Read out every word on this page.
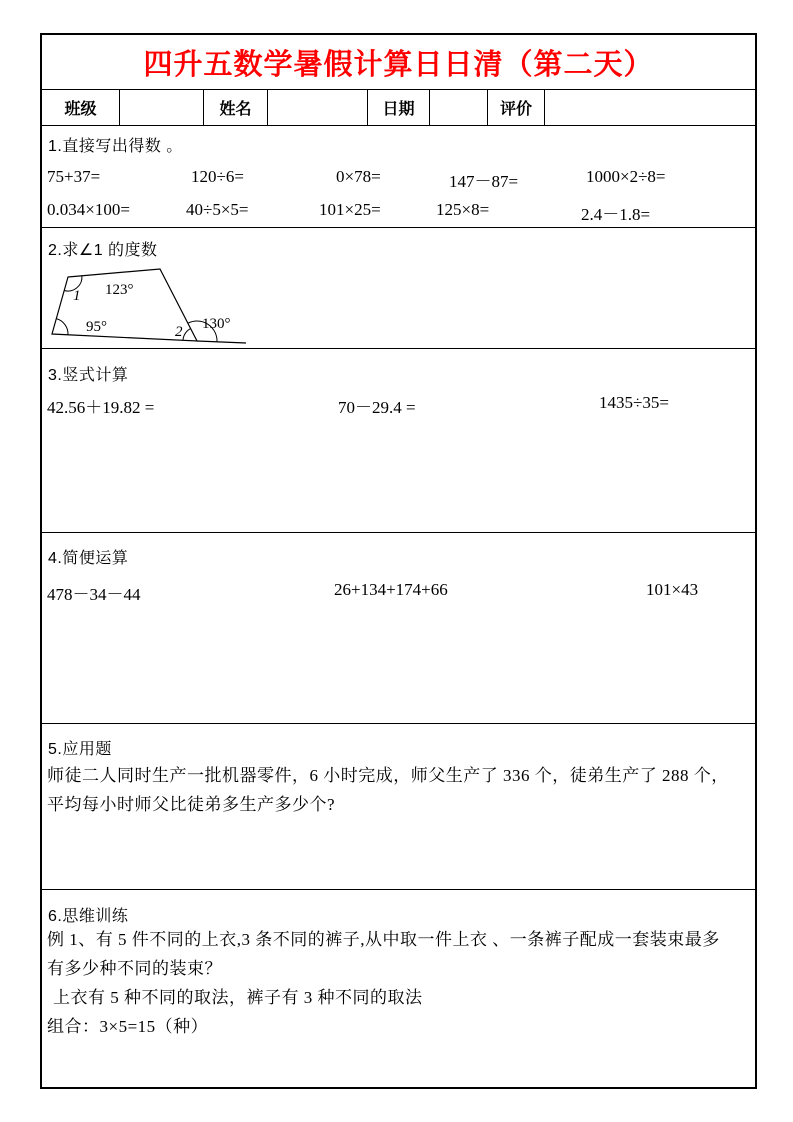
四升五数学暑假计算日日清（第二天）
班级	姓名	日期	评价
1.直接写出得数 。
75+37=	120÷6=	0×78=	147－87=	1000×2÷8=
0.034×100=	40÷5×5=	101×25=	125×8=	2.4－1.8=
2.求∠1 的度数
1 123°
95°	2 130°
3.竖式计算
42.56＋19.82 =	70－29.4 =	1435÷35=
4.简便运算
478－34－44	26+134+174+66	101×43
5.应用题
师徒二人同时生产一批机器零件，6 小时完成，师父生产了 336 个，徒弟生产了 288 个，
平均每小时师父比徒弟多生产多少个?
6.思维训练
例 1、有 5 件不同的上衣,3 条不同的裤子,从中取一件上衣 、一条裤子配成一套装束最多
有多少种不同的装束？
上衣有 5 种不同的取法，裤子有 3 种不同的取法
组合：3×5=15（种）
